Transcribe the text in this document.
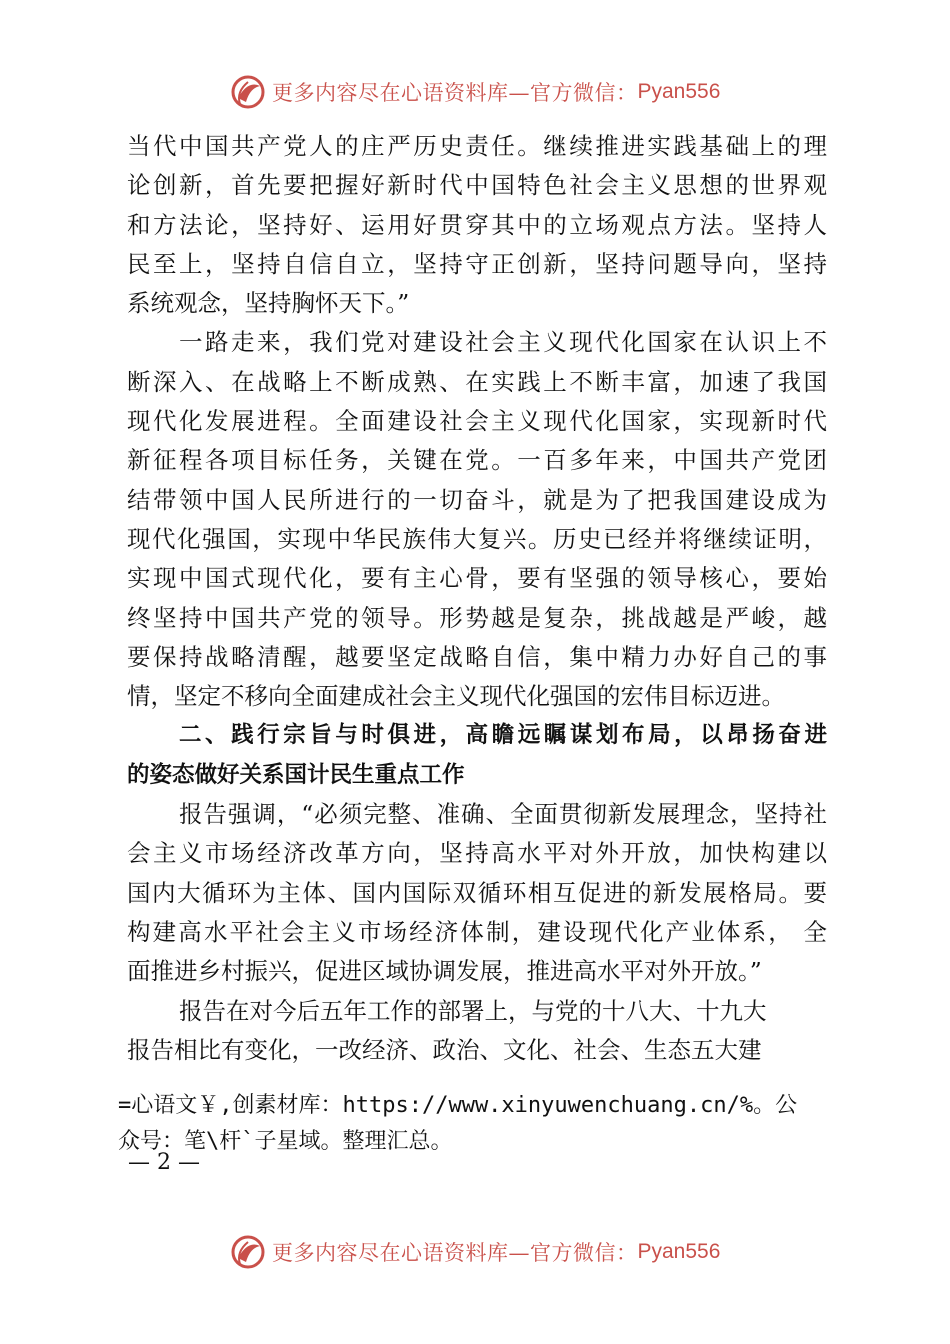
更多内容尽在心语资料库—官方微信： Pyan556
当代中国共产党人的庄严历史责任。继续推进实践基础上的理
论创新，首先要把握好新时代中国特色社会主义思想的世界观
和方法论，坚持好、运用好贯穿其中的立场观点方法。坚持人
民至上，坚持自信自立，坚持守正创新，坚持问题导向，坚持
系统观念，坚持胸怀天下。”
一路走来，我们党对建设社会主义现代化国家在认识上不
断深入、在战略上不断成熟、在实践上不断丰富，加速了我国
现代化发展进程。全面建设社会主义现代化国家，实现新时代
新征程各项目标任务，关键在党。一百多年来，中国共产党团
结带领中国人民所进行的一切奋斗，就是为了把我国建设成为
现代化强国，实现中华民族伟大复兴。历史已经并将继续证明，
实现中国式现代化，要有主心骨，要有坚强的领导核心，要始
终坚持中国共产党的领导。形势越是复杂，挑战越是严峻，越
要保持战略清醒，越要坚定战略自信，集中精力办好自己的事
情，坚定不移向全面建成社会主义现代化强国的宏伟目标迈进。
二、践行宗旨与时俱进，高瞻远瞩谋划布局，以昂扬奋进
的姿态做好关系国计民生重点工作
报告强调，“必须完整、准确、全面贯彻新发展理念，坚持社
会主义市场经济改革方向，坚持高水平对外开放，加快构建以
国内大循环为主体、国内国际双循环相互促进的新发展格局。要
构建高水平社会主义市场经济体制，建设现代化产业体系， 全
面推进乡村振兴，促进区域协调发展，推进高水平对外开放。”
报告在对今后五年工作的部署上，与党的十八大、十九大
报告相比有变化，一改经济、政治、文化、社会、生态五大建
=心语文￥,创素材库：https://www.xinyuwenchuang.cn/%。公
众号：笔\杆`子星域。整理汇总。
— 2 —
更多内容尽在心语资料库—官方微信： Pyan556
